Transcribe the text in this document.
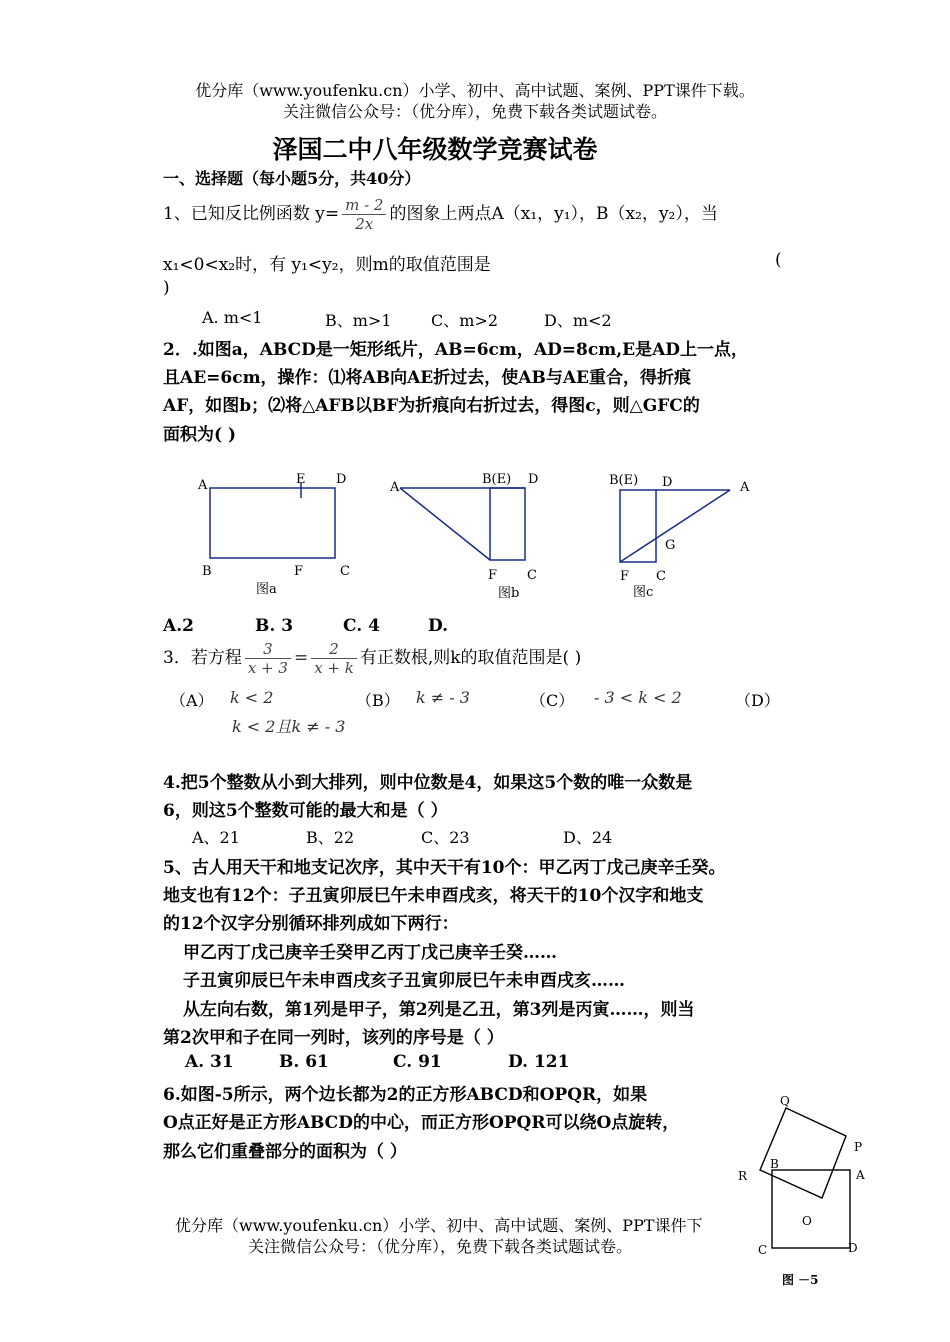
优分库（www.youfenku.cn）小学、初中、高中试题、案例、PPT课件下载。
关注微信公众号：（优分库），免费下载各类试题试卷。
泽国二中八年级数学竞赛试卷
一、选择题（每小题5分，共40分）
1、已知反比例函数 $y= \frac{m - 2}{2x}$ 的图象上两点A（x₁，y₁），B（x₂，y₂），当
x₁<0<x₂时，有 y₁<y₂，则m的取值范围是	(
)
A. m<1	B、m>1 C、m>2	D、m<2
2．.如图a，ABCD是一矩形纸片，AB=6cm，AD=8cm,E是AD上一点，
且AE=6cm，操作：⑴将AB向AE折过去，使AB与AE重合，得折痕
AF，如图b；⑵将△AFB以BF为折痕向右折过去，得图c，则△GFC的
面积为( )
A	E D
B	F	C
图a
A
B(E) D
F C
图b
B(E) D	A
G
F C
图c
A.2	B. 3	C. 4	D.
3．若方程 $\frac{3}{x + 3} = \frac{2}{x + k}$ 有正数根,则k的取值范围是( )
（A） k < 2	（B） k ≠ - 3	（C） - 3 < k < 2	（D）
k < 2且k ≠ - 3
4.把5个整数从小到大排列，则中位数是4，如果这5个数的唯一众数是
6，则这5个整数可能的最大和是（ ）
A、21	B、22	C、23	D、24
5、古人用天干和地支记次序，其中天干有10个：甲乙丙丁戊己庚辛壬癸。
地支也有12个：子丑寅卯辰巳午未申酉戌亥，将天干的10个汉字和地支
的12个汉字分别循环排列成如下两行：
甲乙丙丁戊己庚辛壬癸甲乙丙丁戊己庚辛壬癸……
子丑寅卯辰巳午未申酉戌亥子丑寅卯辰巳午未申酉戌亥……
从左向右数，第1列是甲子，第2列是乙丑，第3列是丙寅……，则当
第2次甲和子在同一列时，该列的序号是（ ）
A. 31	B. 61	C. 91	D. 121
6.如图-5所示，两个边长都为2的正方形ABCD和OPQR，如果
O点正好是正方形ABCD的中心，而正方形OPQR可以绕O点旋转，
那么它们重叠部分的面积为（ ）
Q
P
R
B
A
O
C	D
图 －5
优分库（www.youfenku.cn）小学、初中、高中试题、案例、PPT课件下
关注微信公众号：（优分库），免费下载各类试题试卷。
